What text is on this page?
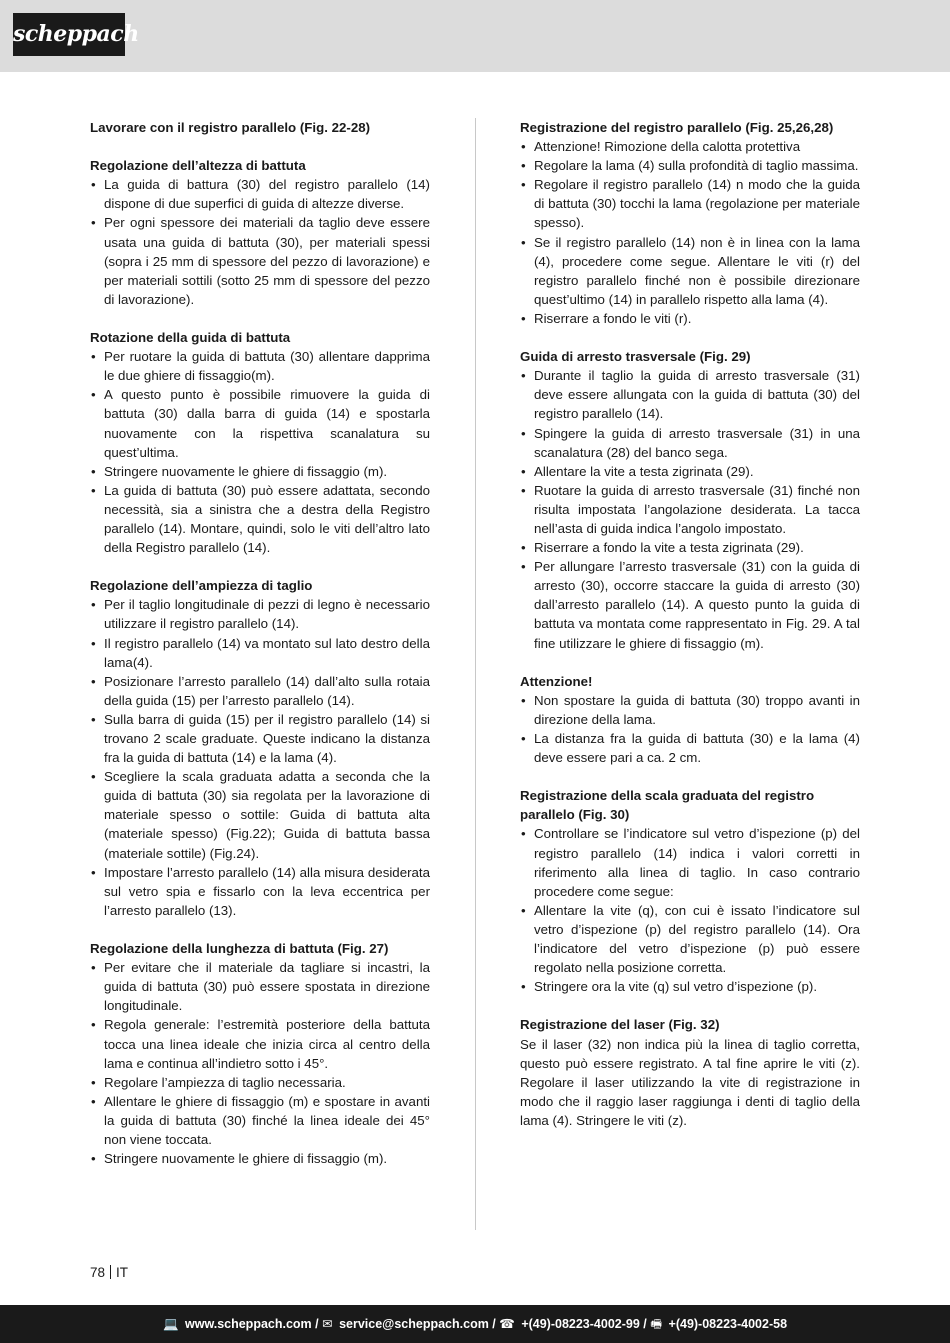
scheppach

Lavorare con il registro parallelo (Fig. 22-28)

Regolazione dell’altezza di battuta

• La guida di battura (30) del registro parallelo (14) dispone di due superfici di guida di altezze diverse.
• Per ogni spessore dei materiali da taglio deve essere usata una guida di battuta (30), per materiali spessi (sopra i 25 mm di spessore del pezzo di lavorazione) e per materiali sottili (sotto 25 mm di spessore del pezzo di lavorazione).

Rotazione della guida di battuta

• Per ruotare la guida di battuta (30) allentare dapprima le due ghiere di fissaggio(m).
• A questo punto è possibile rimuovere la guida di battuta (30) dalla barra di guida (14) e spostarla nuovamente con la rispettiva scanalatura su quest’ultima.
• Stringere nuovamente le ghiere di fissaggio (m).
• La guida di battuta (30) può essere adattata, secondo necessità, sia a sinistra che a destra della Registro parallelo (14). Montare, quindi, solo le viti dell’altro lato della Registro parallelo (14).

Regolazione dell’ampiezza di taglio

• Per il taglio longitudinale di pezzi di legno è necessario utilizzare il registro parallelo (14).
• Il registro parallelo (14) va montato sul lato destro della lama(4).
• Posizionare l’arresto parallelo (14) dall’alto sulla rotaia della guida (15) per l’arresto parallelo (14).
• Sulla barra di guida (15) per il registro parallelo (14) si trovano 2 scale graduate. Queste indicano la distanza fra la guida di battuta (14) e la lama (4).
• Scegliere la scala graduata adatta a seconda che la guida di battuta (30) sia regolata per la lavorazione di materiale spesso o sottile: Guida di battuta alta (materiale spesso) (Fig.22); Guida di battuta bassa (materiale sottile) (Fig.24).
• Impostare l’arresto parallelo (14) alla misura desiderata sul vetro spia e fissarlo con la leva eccentrica per l’arresto parallelo (13).

Regolazione della lunghezza di battuta (Fig. 27)

• Per evitare che il materiale da tagliare si incastri, la guida di battuta (30) può essere spostata in direzione longitudinale.
• Regola generale: l’estremità posteriore della battuta tocca una linea ideale che inizia circa al centro della lama e continua all’indietro sotto i 45°.
• Regolare l’ampiezza di taglio necessaria.
• Allentare le ghiere di fissaggio (m) e spostare in avanti la guida di battuta (30) finché la linea ideale dei 45° non viene toccata.
• Stringere nuovamente le ghiere di fissaggio (m).

Registrazione del registro parallelo (Fig. 25,26,28)

• Attenzione! Rimozione della calotta protettiva
• Regolare la lama (4) sulla profondità di taglio massima.
• Regolare il registro parallelo (14) n modo che la guida di battuta (30) tocchi la lama (regolazione per materiale spesso).
• Se il registro parallelo (14) non è in linea con la lama (4), procedere come segue. Allentare le viti (r) del registro parallelo finché non è possibile direzionare quest’ultimo (14) in parallelo rispetto alla lama (4).
• Riserrare a fondo le viti (r).

Guida di arresto trasversale (Fig. 29)

• Durante il taglio la guida di arresto trasversale (31) deve essere allungata con la guida di battuta (30) del registro parallelo (14).
• Spingere la guida di arresto trasversale (31) in una scanalatura (28) del banco sega.
• Allentare la vite a testa zigrinata (29).
• Ruotare la guida di arresto trasversale (31) finché non risulta impostata l’angolazione desiderata. La tacca nell’asta di guida indica l’angolo impostato.
• Riserrare a fondo la vite a testa zigrinata (29).
• Per allungare l’arresto trasversale (31) con la guida di arresto (30), occorre staccare la guida di arresto (30) dall’arresto parallelo (14). A questo punto la guida di battuta va montata come rappresentato in Fig. 29. A tal fine utilizzare le ghiere di fissaggio (m).

Attenzione!

• Non spostare la guida di battuta (30) troppo avanti in direzione della lama.
• La distanza fra la guida di battuta (30) e la lama (4) deve essere pari a ca. 2 cm.

Registrazione della scala graduata del registro parallelo (Fig. 30)

• Controllare se l’indicatore sul vetro d’ispezione (p) del registro parallelo (14) indica i valori corretti in riferimento alla linea di taglio. In caso contrario procedere come segue:
• Allentare la vite (q), con cui è issato l’indicatore sul vetro d’ispezione (p) del registro parallelo (14). Ora l’indicatore del vetro d’ispezione (p) può essere regolato nella posizione corretta.
• Stringere ora la vite (q) sul vetro d’ispezione (p).

Registrazione del laser (Fig. 32)

Se il laser (32) non indica più la linea di taglio corretta, questo può essere registrato. A tal fine aprire le viti (z). Regolare il laser utilizzando la vite di registrazione in modo che il raggio laser raggiunga i denti di taglio della lama (4). Stringere le viti (z).

78 IT
💻 www.scheppach.com / ✉ service@scheppach.com / ☎ +(49)-08223-4002-99 / 🖷 +(49)-08223-4002-58
